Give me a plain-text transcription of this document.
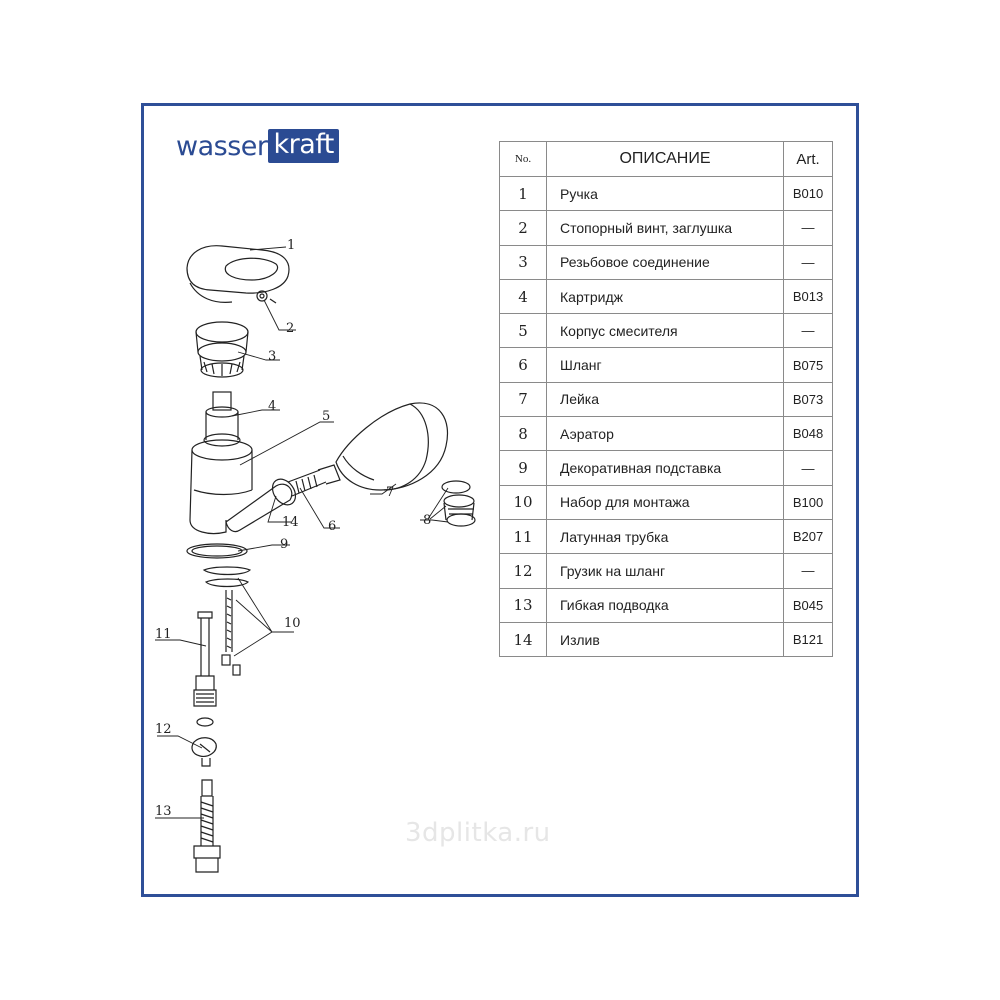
wasser kraft	No.	ОПИСАНИЕ	Art.
1	Ручка	B010
2	Стопорный винт, заглушка	—
3	Резьбовое соединение	—
4	Картридж	B013
5	Корпус смесителя	—
6	Шланг	B075
7	Лейка	B073
8	Аэратор	B048
9	Декоративная подставка	—
10	Набор для монтажа	B100
11	Латунная трубка	B207
12	Грузик на шланг	—
13	Гибкая подводка	B045
14	Излив	B121
1
2
3
4
5
6
7
8
9
10
11
12
13
14
3dplitka.ru
